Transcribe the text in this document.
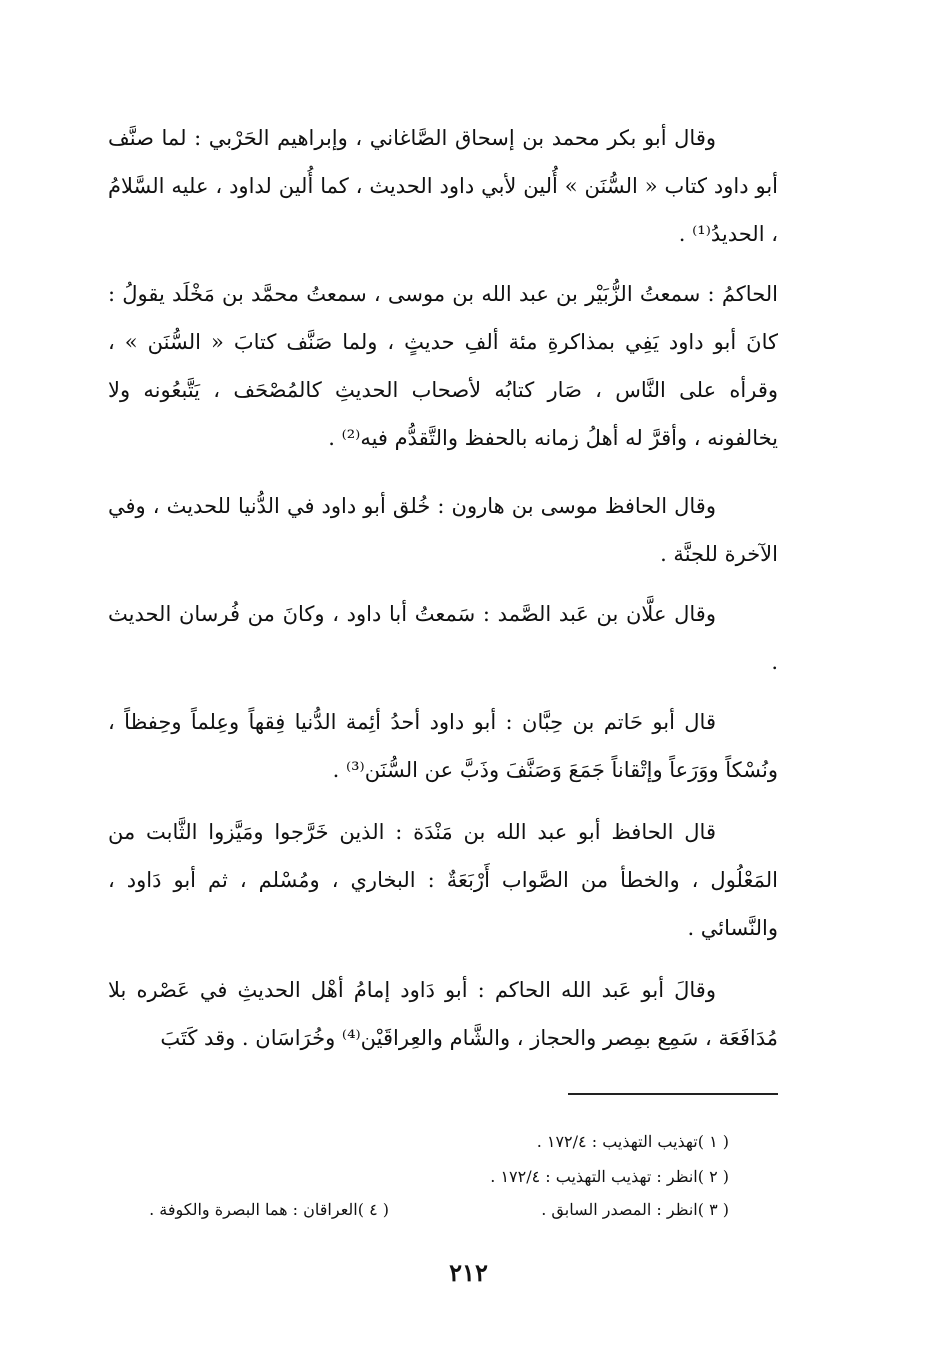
وقال أبو بكر محمد بن إسحاق الصَّاغاني ، وإبراهيم الحَرْبي : لما صنَّف أبو داود كتاب « السُّنَن » أُلين لأبي داود الحديث ، كما أُلين لداود ، عليه السَّلامُ ، الحديدُ⁽¹⁾ .

الحاكمُ : سمعتُ الزُّبَيْر بن عبد الله بن موسى ، سمعتُ محمَّد بن مَخْلَد يقولُ : كانَ أبو داود يَفِي بمذاكرةِ مئة ألفِ حديثٍ ، ولما صَنَّف كتابَ « السُّنَن » ، وقرأه على النَّاس ، صَار كتابُه لأصحاب الحديثِ كالمُصْحَف ، يَتَّبعُونه ولا يخالفونه ، وأقرَّ له أهلُ زمانه بالحفظ والتَّقدُّم فيه⁽²⁾ .

وقال الحافظ موسى بن هارون : خُلق أبو داود في الدُّنيا للحديث ، وفي الآخرة للجنَّة .

وقال علَّان بن عَبد الصَّمد : سَمعتُ أبا داود ، وكانَ من فُرسان الحديث .

قال أبو حَاتم بن حِبَّان : أبو داود أحدُ أئِمة الدُّنيا فِقهاً وعِلماً وحِفظاً ، ونُسْكاً ووَرَعاً وإتْقاناً جَمَعَ وَصَنَّفَ وذَبَّ عن السُّنَن⁽³⁾ .

قال الحافظ أبو عبد الله بن مَنْدَة : الذين خَرَّجوا ومَيَّزوا الثَّابت من المَعْلُول ، والخطأ من الصَّواب أَرْبَعَةٌ : البخاري ، ومُسْلم ، ثم أبو دَاود ، والنَّسائي .

وقالَ أبو عَبد الله الحاكم : أبو دَاود إمامُ أهْل الحديثِ في عَصْره بلا مُدَافَعَة ، سَمِع بمِصر والحجاز ، والشَّام والعِراقَيْن⁽⁴⁾ وخُرَاسَان . وقد كَتَبَ

( ١ )تهذيب التهذيب : ١٧٢/٤ .
( ٢ )انظر : تهذيب التهذيب : ١٧٢/٤ .
( ٣ )انظر : المصدر السابق .
( ٤ )العراقان : هما البصرة والكوفة .
٢١٢
